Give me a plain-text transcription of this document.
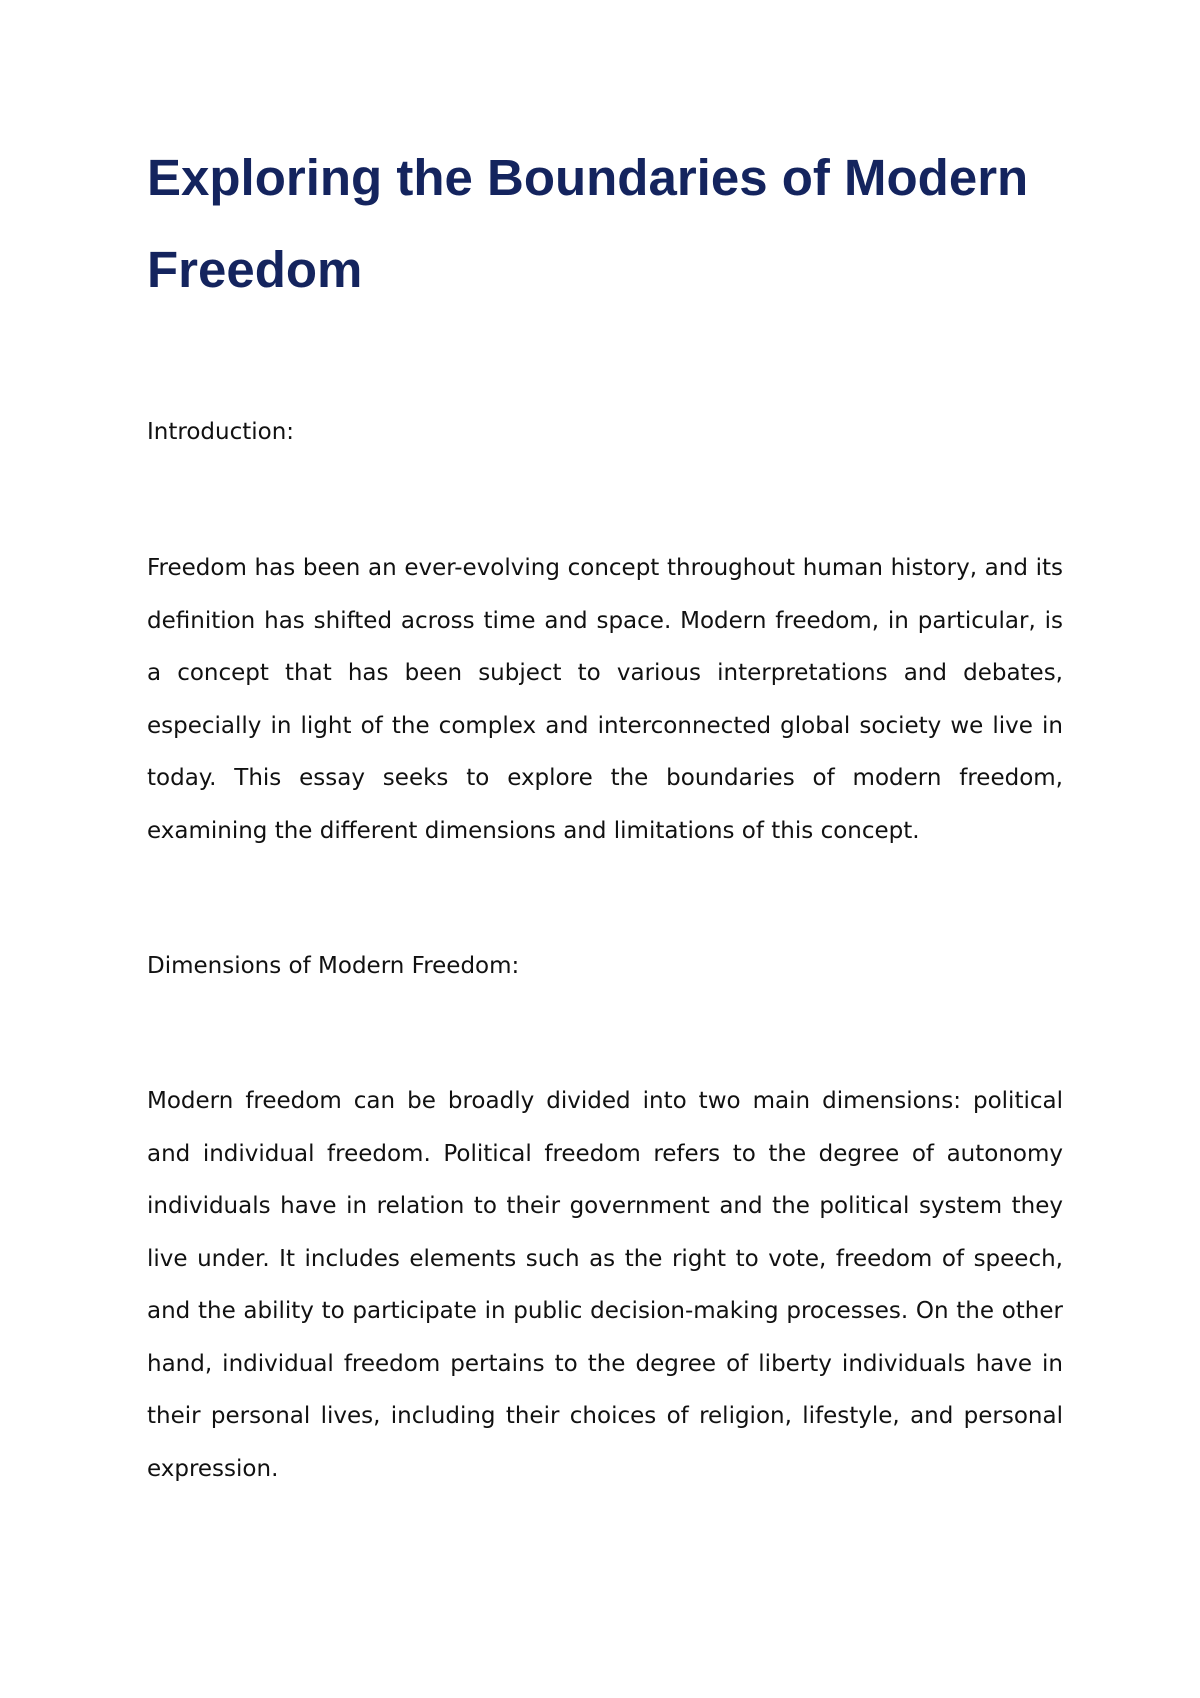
Exploring the Boundaries of Modern Freedom

Introduction:

Freedom has been an ever-evolving concept throughout human history, and its definition has shifted across time and space. Modern freedom, in particular, is a concept that has been subject to various interpretations and debates, especially in light of the complex and interconnected global society we live in today. This essay seeks to explore the boundaries of modern freedom, examining the different dimensions and limitations of this concept.

Dimensions of Modern Freedom:

Modern freedom can be broadly divided into two main dimensions: political and individual freedom. Political freedom refers to the degree of autonomy individuals have in relation to their government and the political system they live under. It includes elements such as the right to vote, freedom of speech, and the ability to participate in public decision-making processes. On the other hand, individual freedom pertains to the degree of liberty individuals have in their personal lives, including their choices of religion, lifestyle, and personal expression.
